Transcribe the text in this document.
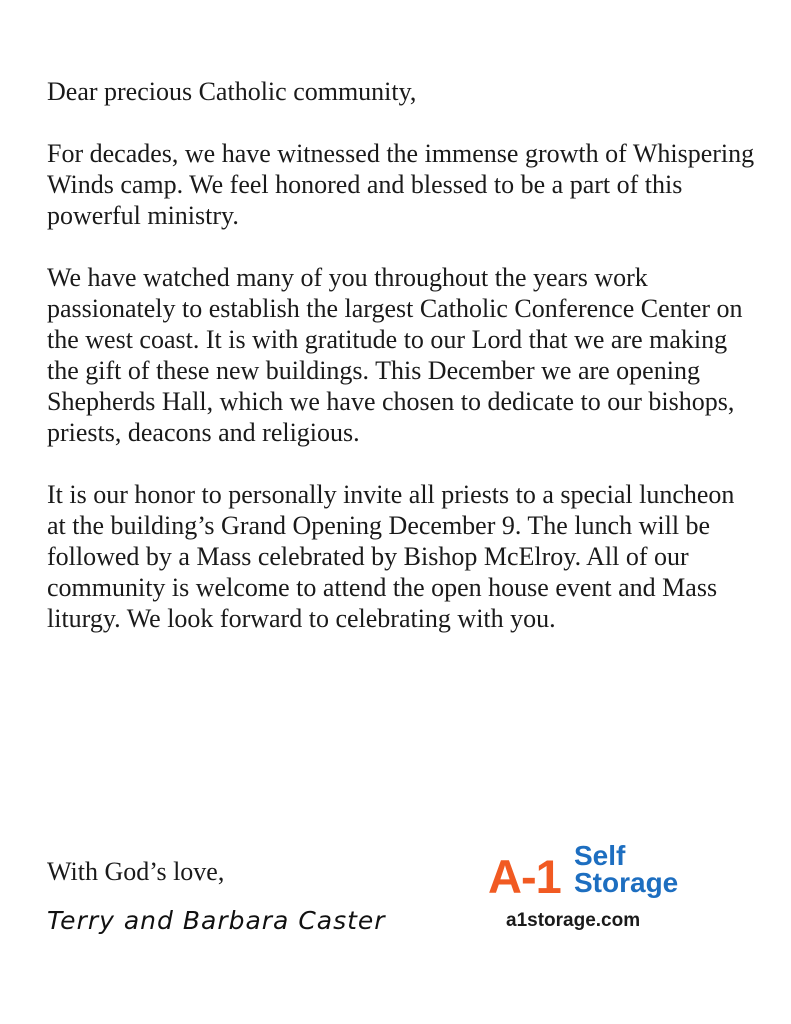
Dear precious Catholic community,

For decades, we have witnessed the immense growth of Whispering Winds camp. We feel honored and blessed to be a part of this powerful ministry.

We have watched many of you throughout the years work passionately to establish the largest Catholic Conference Center on the west coast. It is with gratitude to our Lord that we are making the gift of these new buildings. This December we are opening Shepherds Hall, which we have chosen to dedicate to our bishops, priests, deacons and religious.

It is our honor to personally invite all priests to a special luncheon at the building’s Grand Opening December 9. The lunch will be followed by a Mass celebrated by Bishop McElroy. All of our community is welcome to attend the open house event and Mass liturgy. We look forward to celebrating with you.

With God’s love,

Terry and Barbara Caster
A-1 Self
Storage
a1storage.com
